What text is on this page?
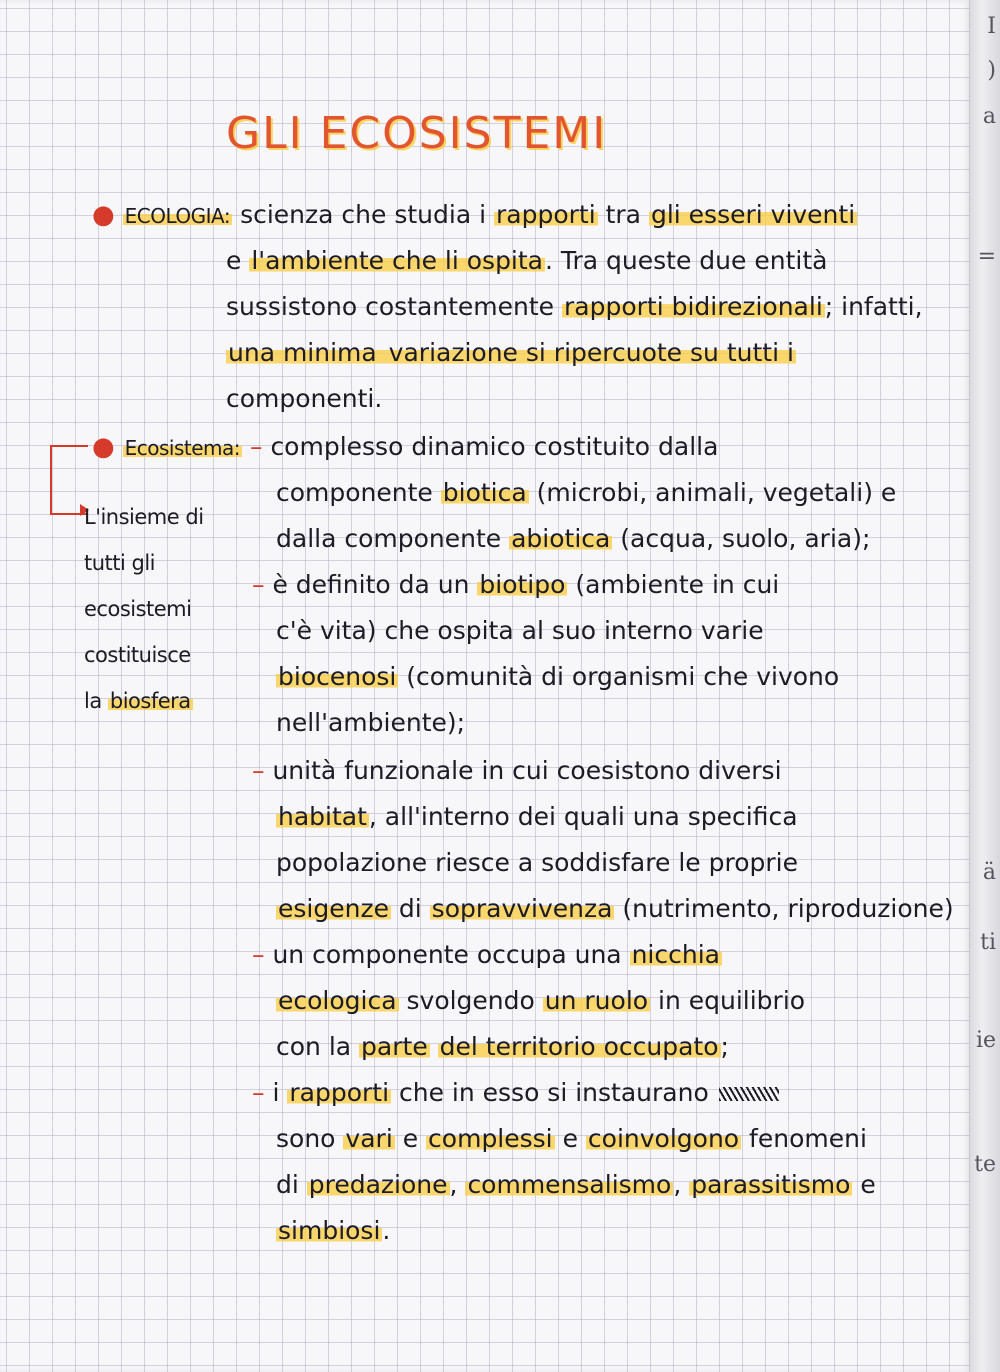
GLI ECOSISTEMI
● ECOLOGIA: scienza che studia i rapporti tra gli esseri viventi
e l'ambiente che li ospita. Tra queste due entità
sussistono costantemente rapporti bidirezionali; infatti,
una minima variazione si ripercuote su tutti i
componenti.
● Ecosistema: – complesso dinamico costituito dalla
componente biotica (microbi, animali, vegetali) e
dalla componente abiotica (acqua, suolo, aria);
– è definito da un biotipo (ambiente in cui
c'è vita) che ospita al suo interno varie
biocenosi (comunità di organismi che vivono
nell'ambiente);
– unità funzionale in cui coesistono diversi
habitat, all'interno dei quali una specifica
popolazione riesce a soddisfare le proprie
esigenze di sopravvivenza (nutrimento, riproduzione)
– un componente occupa una nicchia
ecologica svolgendo un ruolo in equilibrio
con la parte del territorio occupato;
– i rapporti che in esso si instaurano
sono vari e complessi e coinvolgono fenomeni
di predazione, commensalismo, parassitismo e
simbiosi.
L'insieme di
tutti gli
ecosistemi
costituisce
la biosfera
I
)
a
=
ä
ti
ie
te
